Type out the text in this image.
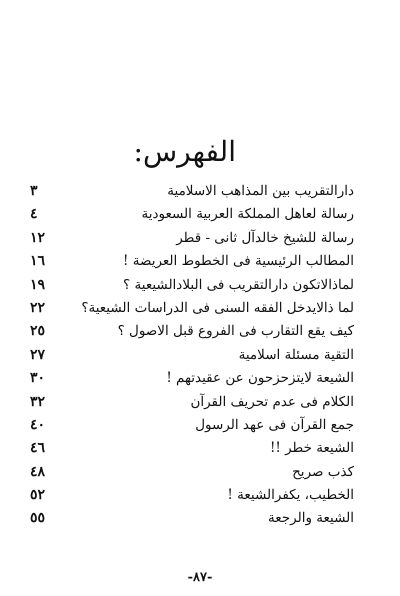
الفهرس:
دارالتقريب بين المذاهب الاسلامية
٣
رسالة لعاهل المملكة العربية السعودية
٤
رسالة للشيخ خالدآل ثانى - قطر
١٢
المطالب الرئيسية فى الخطوط العريضة !
١٦
لماذالاتكون دارالتقريب فى البلادالشيعية ؟
١٩
لما ذالايدخل الفقه السنى فى الدراسات الشيعية؟
٢٢
كيف يقع التقارب فى الفروع قبل الاصول ؟
٢٥
التقية مسئلة اسلامية
٢٧
الشيعة لايتزحزحون عن عقيدتهم !
٣٠
الكلام فى عدم تحريف القرآن
٣٢
جمع القرآن فى عهد الرسول
٤٠
الشيعة خطر !!
٤٦
كذب صريح
٤٨
الخطيب، يكفرالشيعة !
٥٢
الشيعة والرجعة
٥٥
-٨٧-
